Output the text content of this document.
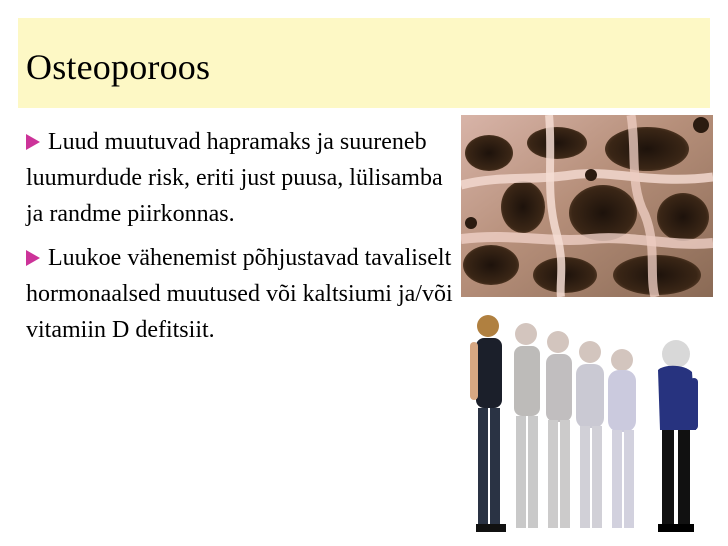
Osteoporoos
Luud muutuvad hapramaks ja suureneb luumurdude risk, eriti just puusa, lülisamba ja randme piirkonnas.
Luukoe vähenemist põhjustavad tavaliselt hormonaalsed muutused või kaltsiumi ja/või vitamiin D defitsiit.
